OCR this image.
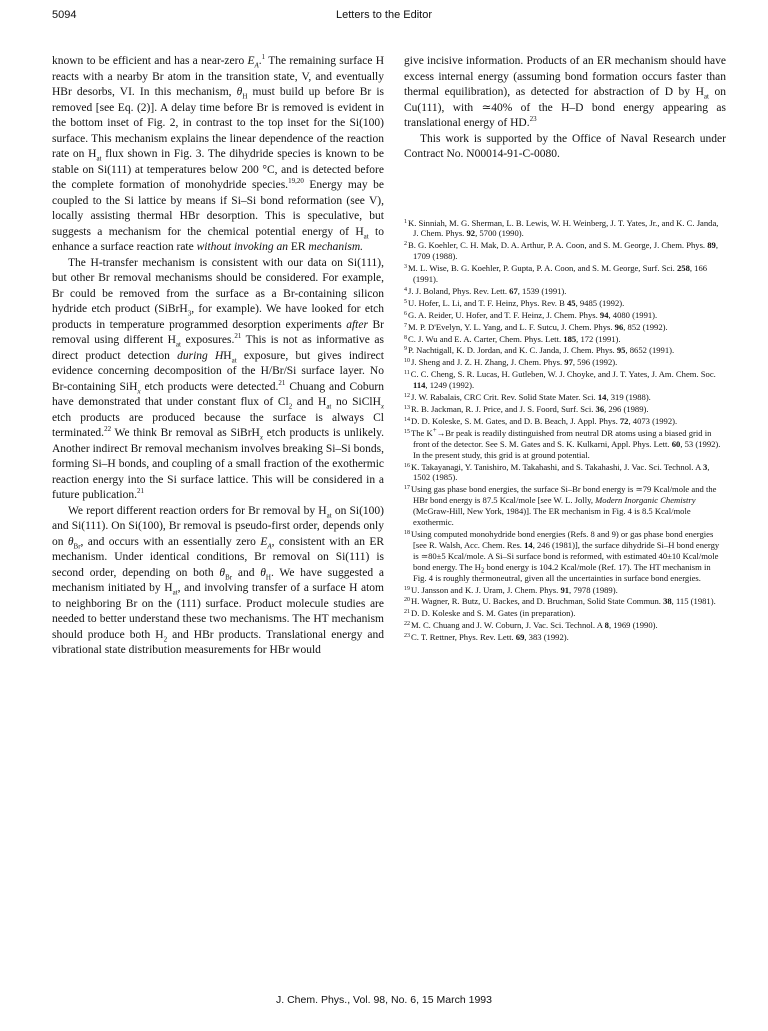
5094	Letters to the Editor

known to be efficient and has a near-zero $E_A.^1$ The remaining surface H reacts with a nearby Br atom in the transition state, V, and eventually HBr desorbs, VI. In this mechanism, $\theta_H$ must build up before Br is removed [see Eq. (2)]. A delay time before Br is removed is evident in the bottom inset of Fig. 2, in contrast to the top inset for the Si(100) surface. This mechanism explains the linear dependence of the reaction rate on $H_{at}$ flux shown in Fig. 3. The dihydride species is known to be stable on Si(111) at temperatures below 200 °C, and is detected before the complete formation of monohydride species.$^{19,20}$ Energy may be coupled to the Si lattice by means if Si–Si bond reformation (see V), locally assisting thermal HBr desorption. This is speculative, but suggests a mechanism for the chemical potential energy of $H_{at}$ to enhance a surface reaction rate without invoking an ER mechanism.

The H-transfer mechanism is consistent with our data on Si(111), but other Br removal mechanisms should be considered. For example, Br could be removed from the surface as a Br-containing silicon hydride etch product (SiBrH$_3$, for example). We have looked for etch products in temperature programmed desorption experiments after Br removal using different $H_{at}$ exposures.$^{21}$ This is not as informative as direct product detection during $HH_{at}$ exposure, but gives indirect evidence concerning decomposition of the H/Br/Si surface layer. No Br-containing SiH$_x$ etch products were detected.$^{21}$ Chuang and Coburn have demonstrated that under constant flux of $Cl_2$ and $H_{at}$ no SiClH$_x$ etch products are produced because the surface is always Cl terminated.$^{22}$ We think Br removal as SiBrH$_x$ etch products is unlikely. Another indirect Br removal mechanism involves breaking Si–Si bonds, forming Si–H bonds, and coupling of a small fraction of the exothermic reaction energy into the Si surface lattice. This will be considered in a future publication.$^{21}$

We report different reaction orders for Br removal by $H_{at}$ on Si(100) and Si(111). On Si(100), Br removal is pseudo-first order, depends only on $\theta_{Br}$, and occurs with an essentially zero $E_A$, consistent with an ER mechanism. Under identical conditions, Br removal on Si(111) is second order, depending on both $\theta_{Br}$ and $\theta_H$. We have suggested a mechanism initiated by $H_{at}$, and involving transfer of a surface H atom to neighboring Br on the (111) surface. Product molecule studies are needed to better understand these two mechanisms. The HT mechanism should produce both $H_2$ and HBr products. Translational energy and vibrational state distribution measurements for HBr would

give incisive information. Products of an ER mechanism should have excess internal energy (assuming bond formation occurs faster than thermal equilibration), as detected for abstraction of D by $H_{at}$ on Cu(111), with ≃40% of the H–D bond energy appearing as translational energy of HD.$^{23}$

This work is supported by the Office of Naval Research under Contract No. N00014-91-C-0080.

$^1$K. Sinniah, M. G. Sherman, L. B. Lewis, W. H. Weinberg, J. T. Yates, Jr., and K. C. Janda, J. Chem. Phys. 92, 5700 (1990).
$^2$B. G. Koehler, C. H. Mak, D. A. Arthur, P. A. Coon, and S. M. George, J. Chem. Phys. 89, 1709 (1988).
$^3$M. L. Wise, B. G. Koehler, P. Gupta, P. A. Coon, and S. M. George, Surf. Sci. 258, 166 (1991).
$^4$J. J. Boland, Phys. Rev. Lett. 67, 1539 (1991).
$^5$U. Hofer, L. Li, and T. F. Heinz, Phys. Rev. B 45, 9485 (1992).
$^6$G. A. Reider, U. Hofer, and T. F. Heinz, J. Chem. Phys. 94, 4080 (1991).
$^7$M. P. D'Evelyn, Y. L. Yang, and L. F. Sutcu, J. Chem. Phys. 96, 852 (1992).
$^8$C. J. Wu and E. A. Carter, Chem. Phys. Lett. 185, 172 (1991).
$^9$P. Nachtigall, K. D. Jordan, and K. C. Janda, J. Chem. Phys. 95, 8652 (1991).
$^{10}$J. Sheng and J. Z. H. Zhang, J. Chem. Phys. 97, 596 (1992).
$^{11}$C. C. Cheng, S. R. Lucas, H. Gutleben, W. J. Choyke, and J. T. Yates, J. Am. Chem. Soc. 114, 1249 (1992).
$^{12}$J. W. Rabalais, CRC Crit. Rev. Solid State Mater. Sci. 14, 319 (1988).
$^{13}$R. B. Jackman, R. J. Price, and J. S. Foord, Surf. Sci. 36, 296 (1989).
$^{14}$D. D. Koleske, S. M. Gates, and D. B. Beach, J. Appl. Phys. 72, 4073 (1992).
$^{15}$The K+→Br peak is readily distinguished from neutral DR atoms using a biased grid in front of the detector. See S. M. Gates and S. K. Kulkarni, Appl. Phys. Lett. 60, 53 (1992). In the present study, this grid is at ground potential.
$^{16}$K. Takayanagi, Y. Tanishiro, M. Takahashi, and S. Takahashi, J. Vac. Sci. Technol. A 3, 1502 (1985).
$^{17}$Using gas phase bond energies, the surface Si–Br bond energy is ≃79 Kcal/mole and the HBr bond energy is 87.5 Kcal/mole [see W. L. Jolly, Modern Inorganic Chemistry (McGraw-Hill, New York, 1984)]. The ER mechanism in Fig. 4 is 8.5 Kcal/mole exothermic.
$^{18}$Using computed monohydride bond energies (Refs. 8 and 9) or gas phase bond energies [see R. Walsh, Acc. Chem. Res. 14, 246 (1981)], the surface dihydride Si–H bond energy is ≃80±5 Kcal/mole. A Si–Si surface bond is reformed, with estimated 40±10 Kcal/mole bond energy. The $H_2$ bond energy is 104.2 Kcal/mole (Ref. 17). The HT mechanism in Fig. 4 is roughly thermoneutral, given all the uncertainties in surface bond energies.
$^{19}$U. Jansson and K. J. Uram, J. Chem. Phys. 91, 7978 (1989).
$^{20}$H. Wagner, R. Butz, U. Backes, and D. Bruchman, Solid State Commun. 38, 115 (1981).
$^{21}$D. D. Koleske and S. M. Gates (in preparation).
$^{22}$M. C. Chuang and J. W. Coburn, J. Vac. Sci. Technol. A 8, 1969 (1990).
$^{23}$C. T. Rettner, Phys. Rev. Lett. 69, 383 (1992).
J. Chem. Phys., Vol. 98, No. 6, 15 March 1993
